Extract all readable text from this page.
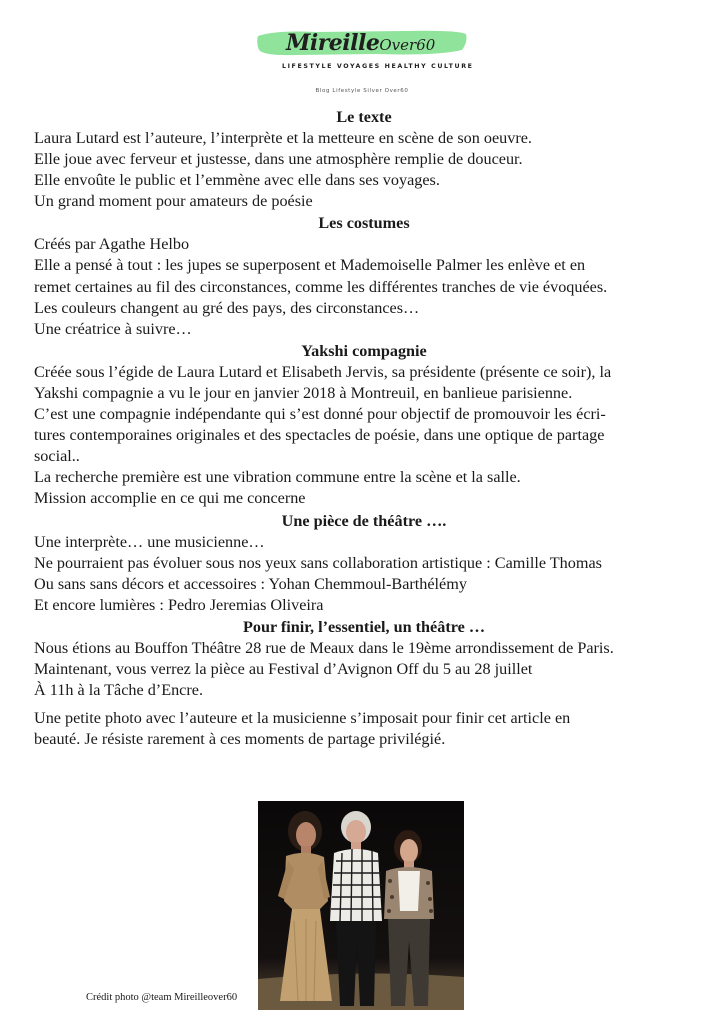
MireilleOver60
LIFESTYLE VOYAGES HEALTHY CULTURE
Blog Lifestyle Silver Over60
Le texte

Laura Lutard est l’auteure, l’interprète et la metteure en scène de son oeuvre.

Elle joue avec ferveur et justesse, dans une atmosphère remplie de douceur.

Elle envoûte le public et l’emmène avec elle dans ses voyages.

Un grand moment pour amateurs de poésie

Les costumes

Créés par Agathe Helbo

Elle a pensé à tout : les jupes se superposent et Mademoiselle Palmer les enlève et en

remet certaines au fil des circonstances, comme les différentes tranches de vie évoquées.

Les couleurs changent au gré des pays, des circonstances…

Une créatrice à suivre…

Yakshi compagnie

Créée sous l’égide de Laura Lutard et Elisabeth Jervis, sa présidente (présente ce soir), la

Yakshi compagnie a vu le jour en janvier 2018 à Montreuil, en banlieue parisienne.

C’est une compagnie indépendante qui s’est donné pour objectif de promouvoir les écri-

tures contemporaines originales et des spectacles de poésie, dans une optique de partage

social..

La recherche première est une vibration commune entre la scène et la salle.

Mission accomplie en ce qui me concerne

Une pièce de théâtre ….

Une interprète… une musicienne…

Ne pourraient pas évoluer sous nos yeux sans collaboration artistique : Camille Thomas

Ou sans sans décors et accessoires : Yohan Chemmoul-Barthélémy

Et encore lumières : Pedro Jeremias Oliveira

Pour finir, l’essentiel, un théâtre …

Nous étions au Bouffon Théâtre 28 rue de Meaux dans le 19ème arrondissement de Paris.

Maintenant, vous verrez la pièce au Festival d’Avignon Off du 5 au 28 juillet

À 11h à la Tâche d’Encre.

Une petite photo avec l’auteure et la musicienne s’imposait pour finir cet article en

beauté. Je résiste rarement à ces moments de partage privilégié.

Crédit photo @team Mireilleover60
